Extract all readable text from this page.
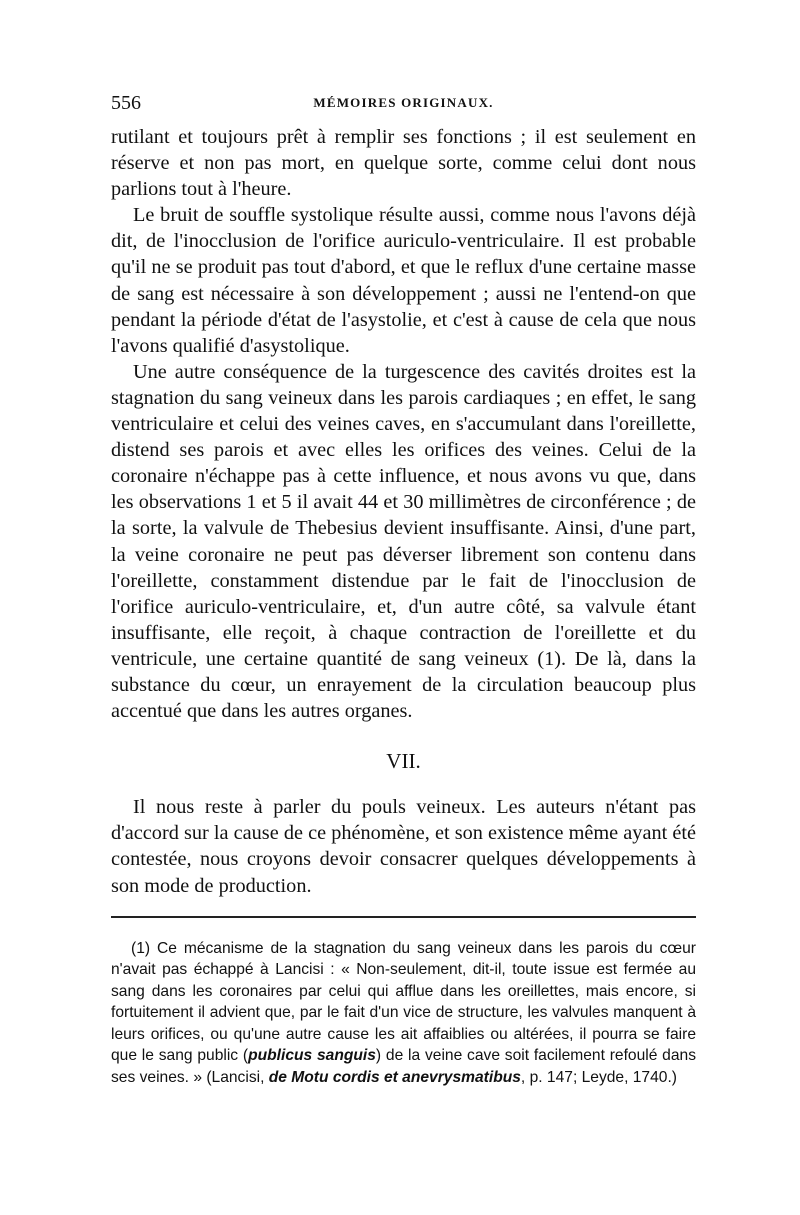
556	MÉMOIRES ORIGINAUX.

rutilant et toujours prêt à remplir ses fonctions ; il est seulement en réserve et non pas mort, en quelque sorte, comme celui dont nous parlions tout à l'heure.

Le bruit de souffle systolique résulte aussi, comme nous l'avons déjà dit, de l'inocclusion de l'orifice auriculo-ventriculaire. Il est probable qu'il ne se produit pas tout d'abord, et que le reflux d'une certaine masse de sang est nécessaire à son développement ; aussi ne l'entend-on que pendant la période d'état de l'asystolie, et c'est à cause de cela que nous l'avons qualifié d'asystolique.

Une autre conséquence de la turgescence des cavités droites est la stagnation du sang veineux dans les parois cardiaques ; en effet, le sang ventriculaire et celui des veines caves, en s'accumulant dans l'oreillette, distend ses parois et avec elles les orifices des veines. Celui de la coronaire n'échappe pas à cette influence, et nous avons vu que, dans les observations 1 et 5 il avait 44 et 30 millimètres de circonférence ; de la sorte, la valvule de Thebesius devient insuffisante. Ainsi, d'une part, la veine coronaire ne peut pas déverser librement son contenu dans l'oreillette, constamment distendue par le fait de l'inocclusion de l'orifice auriculo-ventriculaire, et, d'un autre côté, sa valvule étant insuffisante, elle reçoit, à chaque contraction de l'oreillette et du ventricule, une certaine quantité de sang veineux (1). De là, dans la substance du cœur, un enrayement de la circulation beaucoup plus accentué que dans les autres organes.

VII.

Il nous reste à parler du pouls veineux. Les auteurs n'étant pas d'accord sur la cause de ce phénomène, et son existence même ayant été contestée, nous croyons devoir consacrer quelques développements à son mode de production.

(1) Ce mécanisme de la stagnation du sang veineux dans les parois du cœur n'avait pas échappé à Lancisi : « Non-seulement, dit-il, toute issue est fermée au sang dans les coronaires par celui qui afflue dans les oreillettes, mais encore, si fortuitement il advient que, par le fait d'un vice de structure, les valvules manquent à leurs orifices, ou qu'une autre cause les ait affaiblies ou altérées, il pourra se faire que le sang public (publicus sanguis) de la veine cave soit facilement refoulé dans ses veines. » (Lancisi, de Motu cordis et anevrysmatibus, p. 147; Leyde, 1740.)
